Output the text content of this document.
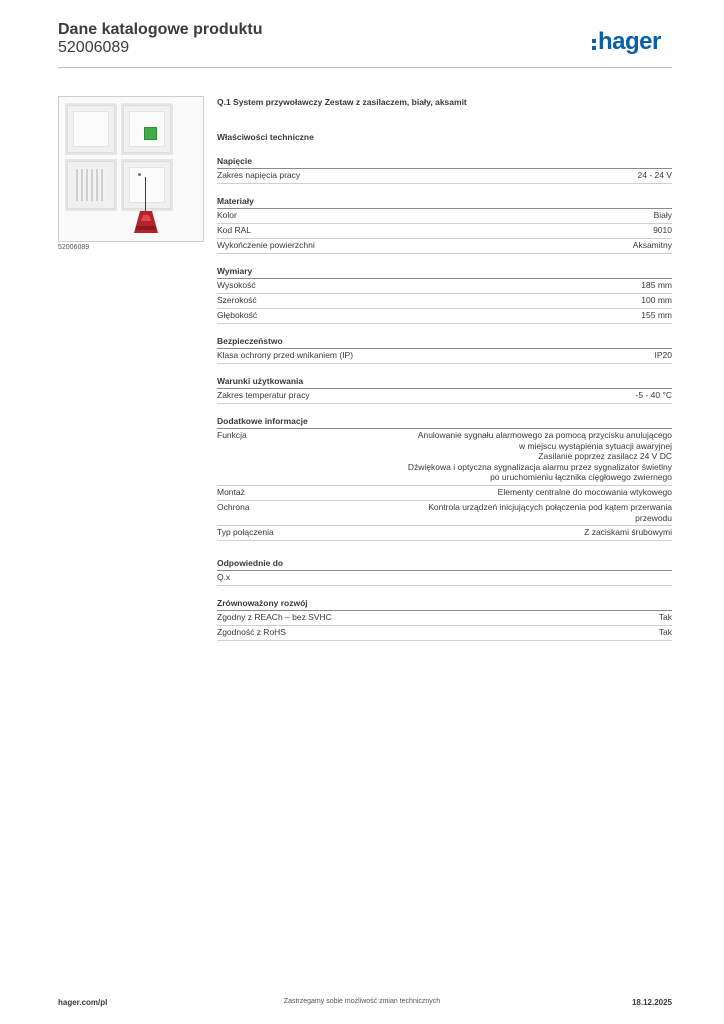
Dane katalogowe produktu
52006089	hager
52006089
Q.1 System przywoławczy Zestaw z zasilaczem, biały, aksamit
Właściwości techniczne
Napięcie
Zakres napięcia pracy	24 - 24 V
Materiały
Kolor	Biały
Kod RAL	9010
Wykończenie powierzchni	Aksamitny
Wymiary
Wysokość	185 mm
Szerokość	100 mm
Głębokość	155 mm
Bezpieczeństwo
Klasa ochrony przed wnikaniem (IP)	IP20
Warunki użytkowania
Zakres temperatur pracy	-5 - 40 °C
Dodatkowe informacje
Funkcja	Anulowanie sygnału alarmowego za pomocą przycisku anulującego
w miejscu wystąpienia sytuacji awaryjnej
Zasilanie poprzez zasilacz 24 V DC
Dźwiękowa i optyczna sygnalizacja alarmu przez sygnalizator świetlny
po uruchomieniu łącznika cięgłowego zwiernego
Montaż	Elementy centralne do mocowania wtykowego
Ochrona	Kontrola urządzeń inicjujących połączenia pod kątem przerwania
przewodu
Typ połączenia	Z zaciskami śrubowymi
Odpowiednie do
Q.x
Zrównoważony rozwój
Zgodny z REACh – bez SVHC	Tak
Zgodność z RoHS	Tak
hager.com/pl	Zastrzegamy sobie możliwość zmian technicznych	18.12.2025
